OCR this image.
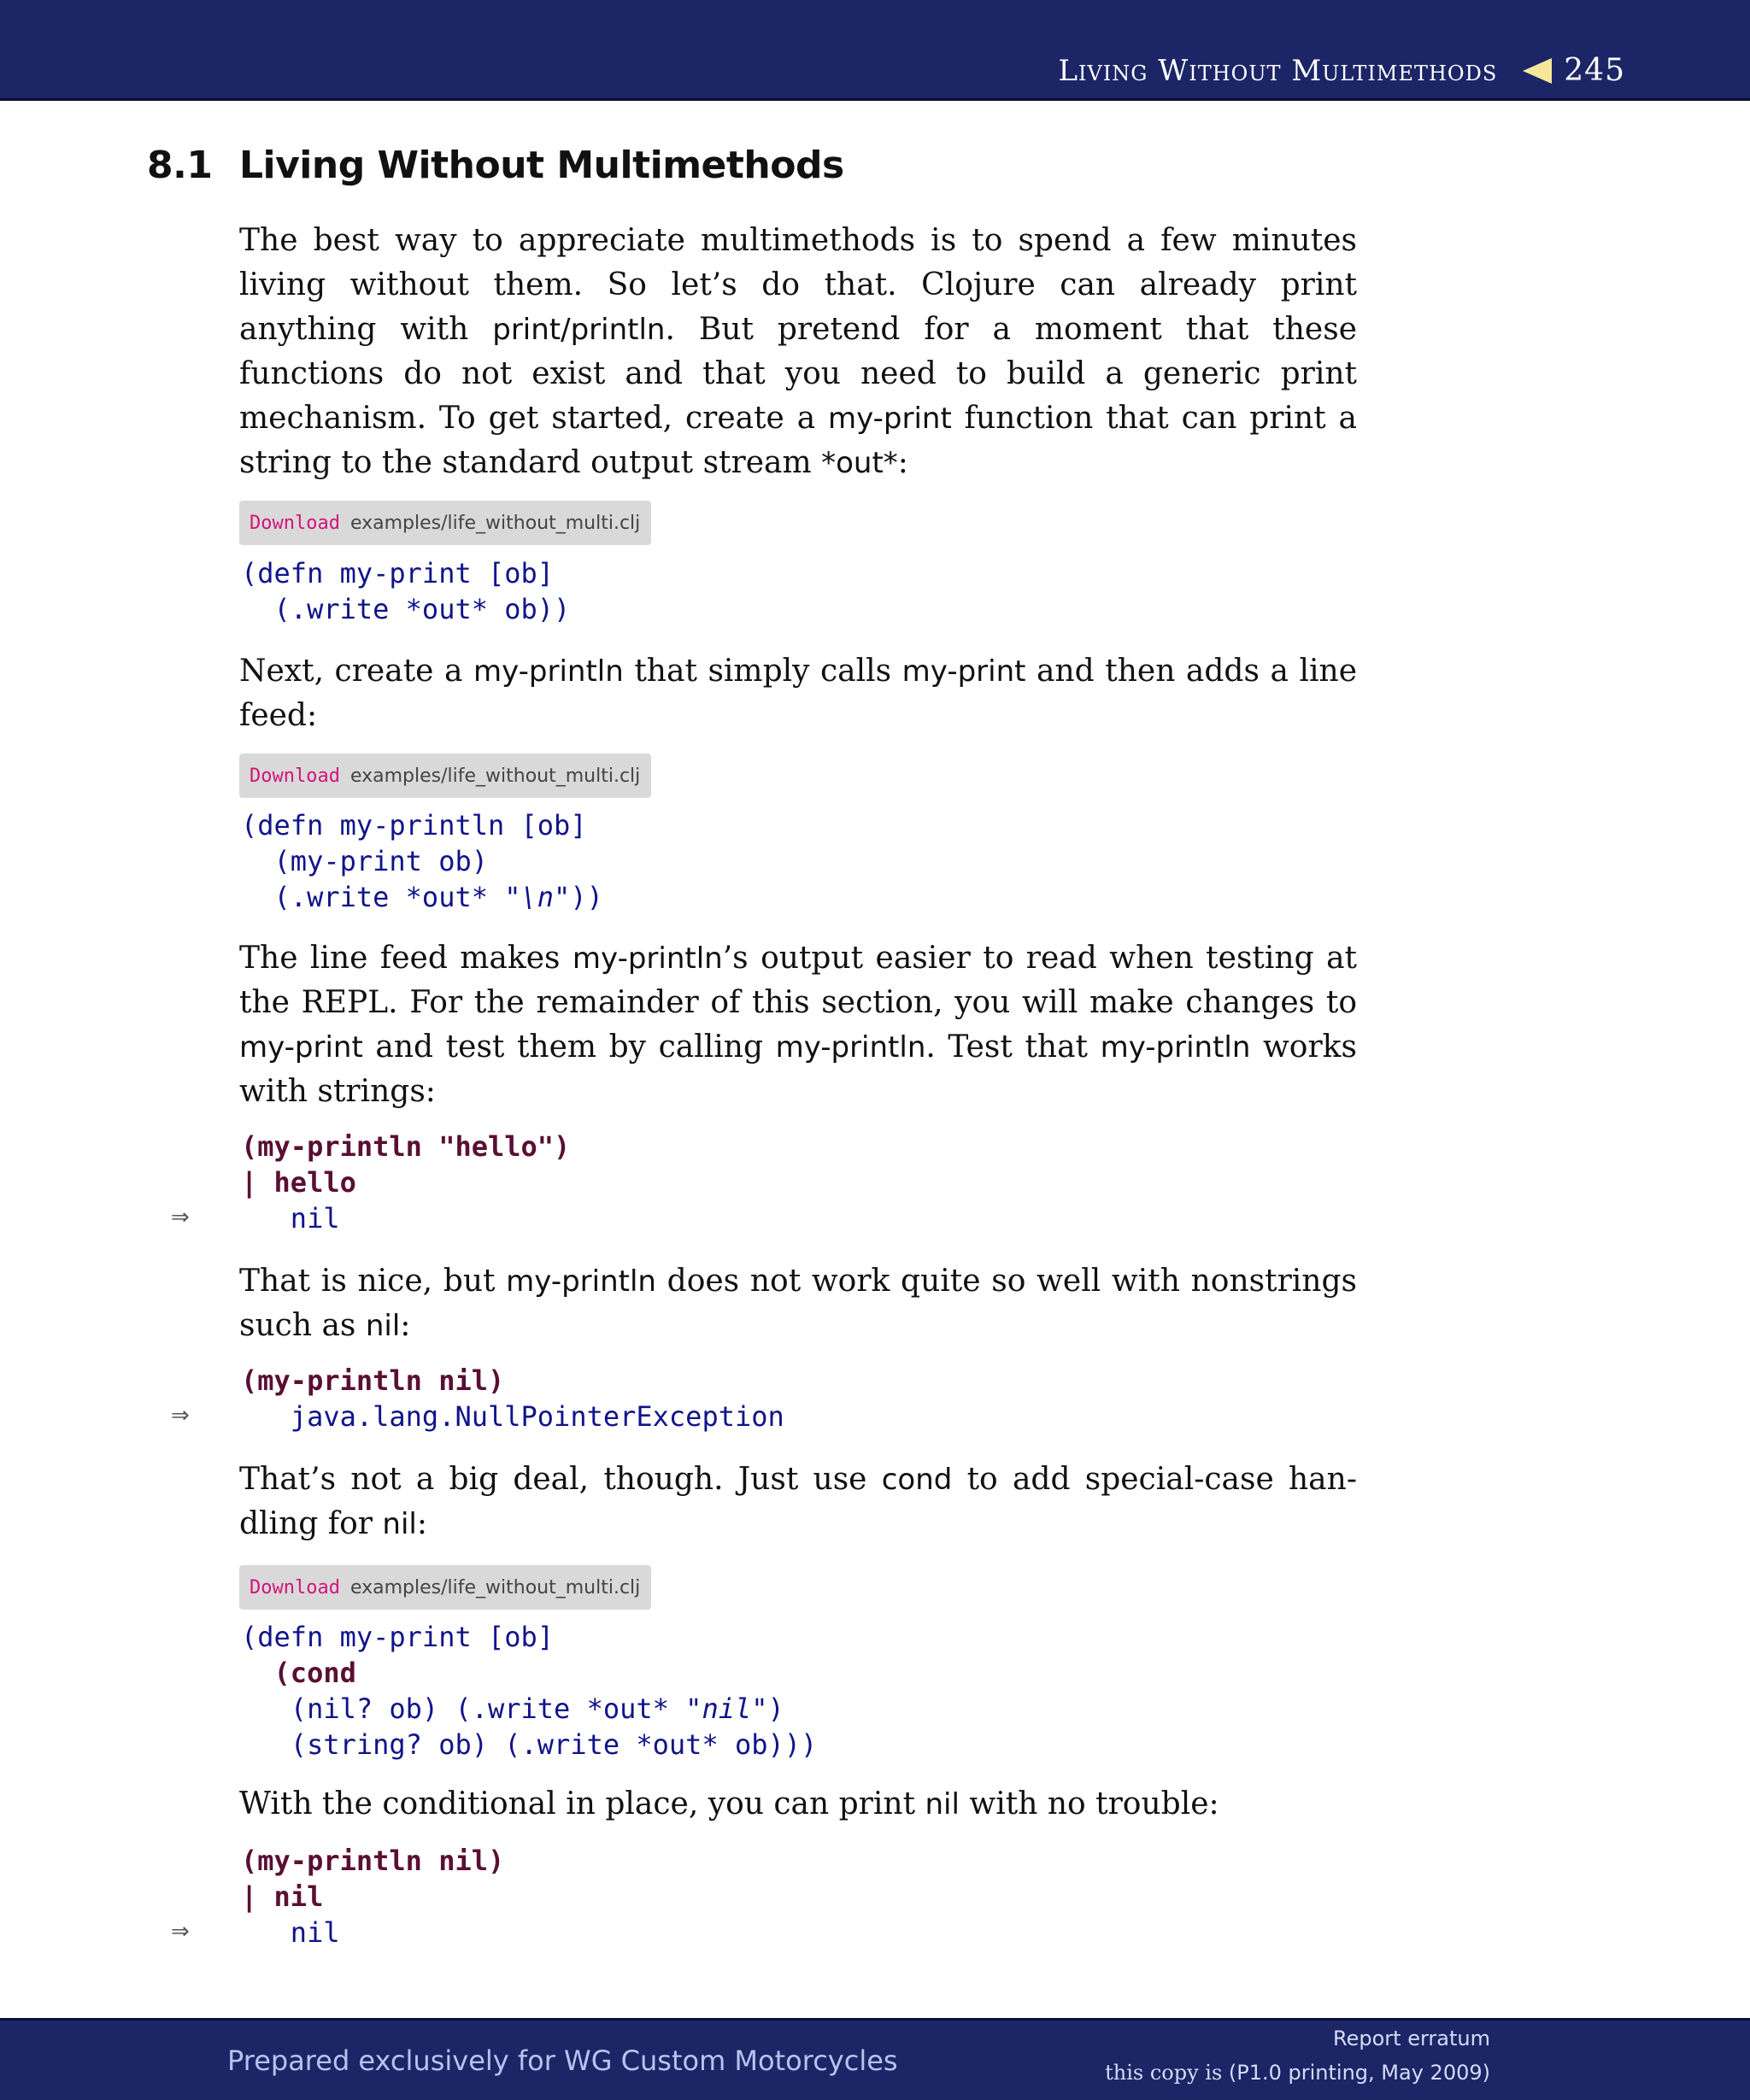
Living Without Multimethods 245
8.1 Living Without Multimethods

The best way to appreciate multimethods is to spend a few minutes living without them. So let’s do that. Clojure can already print anything with print/println. But pretend for a moment that these functions do not exist and that you need to build a generic print mechanism. To get started, create a my-print function that can print a string to the standard output stream *out*:

Download examples/life_without_multi.clj
(defn my-print [ob]
(.write *out* ob))

Next, create a my-println that simply calls my-print and then adds a line feed:

Download examples/life_without_multi.clj
(defn my-println [ob]
(my-print ob)
(.write *out* "\n"))

The line feed makes my-println’s output easier to read when testing at the REPL. For the remainder of this section, you will make changes to my-print and test them by calling my-println. Test that my-println works with strings:

(my-println "hello")
| hello
nil
⇒

That is nice, but my-println does not work quite so well with nonstrings such as nil:

(my-println nil)
java.lang.NullPointerException
⇒

That’s not a big deal, though. Just use cond to add special-case han-dling for nil:

Download examples/life_without_multi.clj
(defn my-print [ob]
(cond
(nil? ob) (.write *out* "nil")
(string? ob) (.write *out* ob)))

With the conditional in place, you can print nil with no trouble:

(my-println nil)
| nil
nil
⇒
Prepared exclusively for WG Custom Motorcycles
Report erratum
this copy is (P1.0 printing, May 2009)
